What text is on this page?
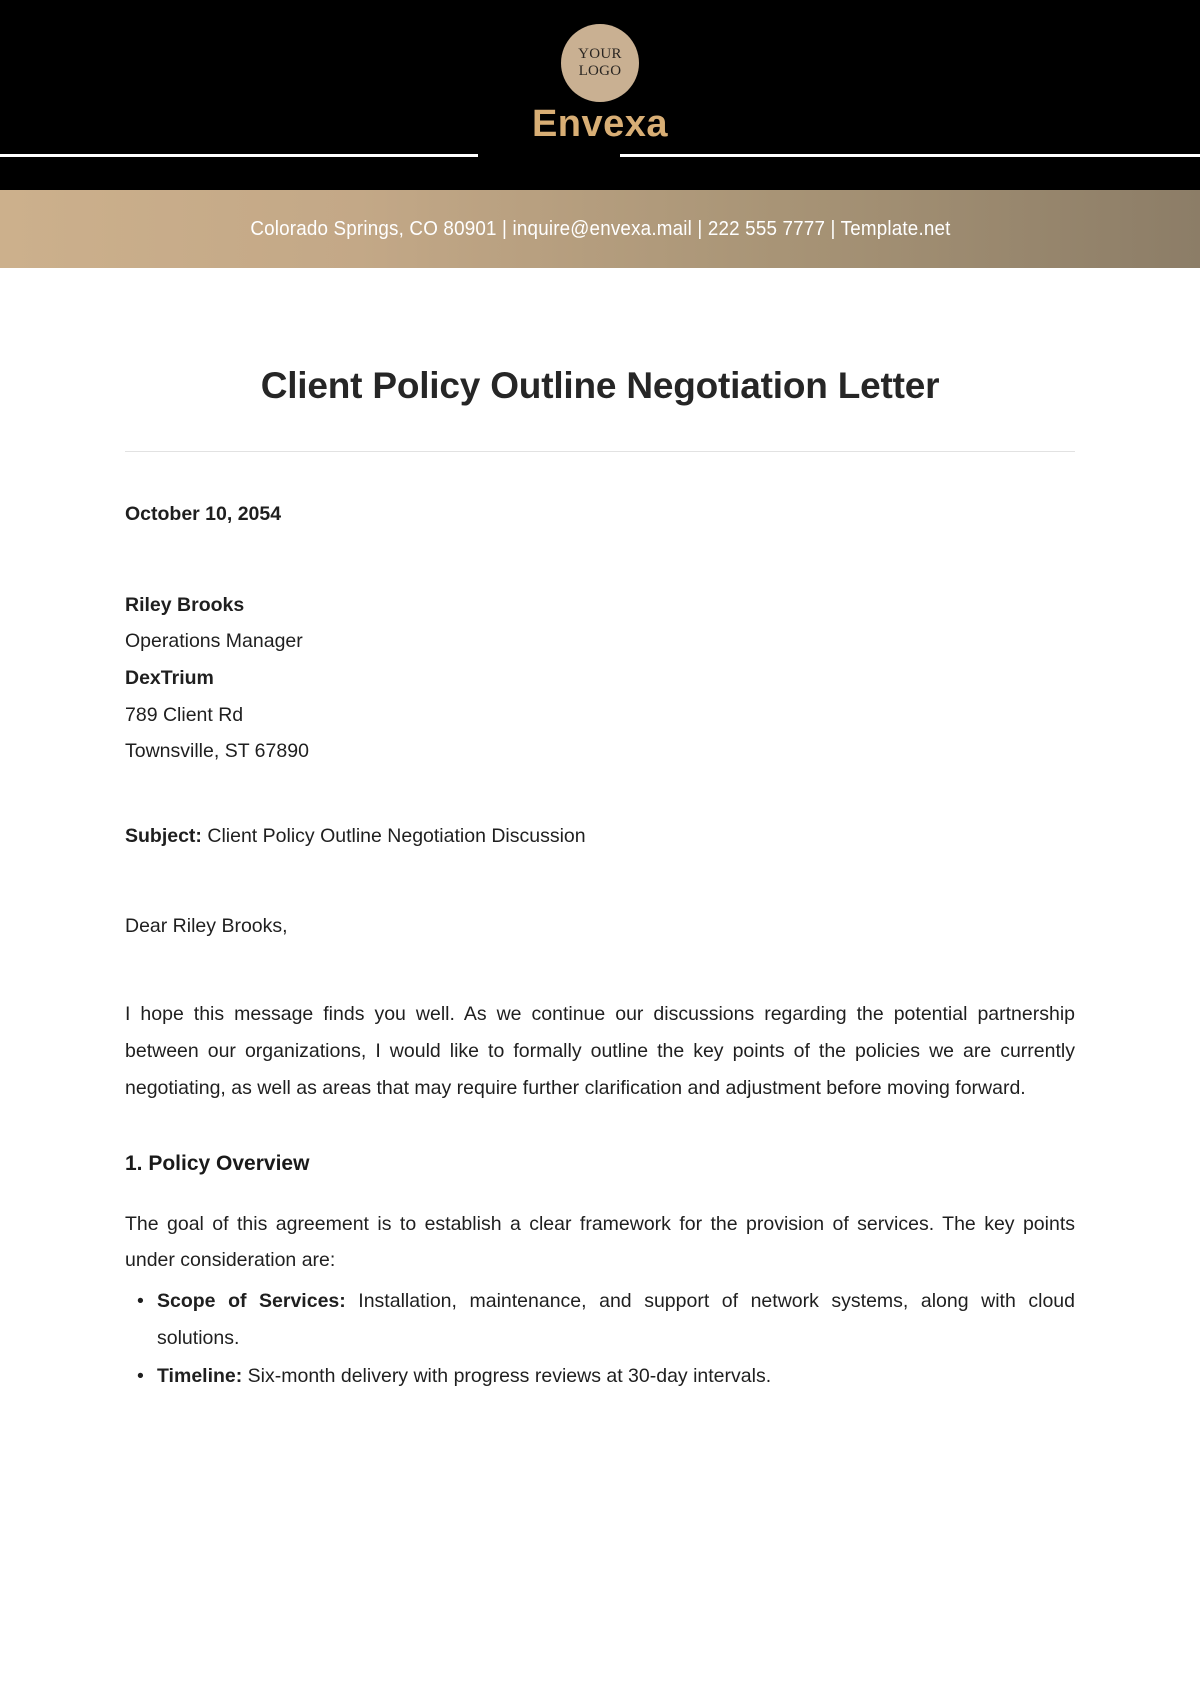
YOUR
LOGO
Envexa
Colorado Springs, CO 80901 | inquire@envexa.mail | 222 555 7777 | Template.net
Client Policy Outline Negotiation Letter
October 10, 2054
Riley Brooks
Operations Manager
DexTrium
789 Client Rd
Townsville, ST 67890
Subject: Client Policy Outline Negotiation Discussion
Dear Riley Brooks,
I hope this message finds you well. As we continue our discussions regarding the potential partnership between our organizations, I would like to formally outline the key points of the policies we are currently negotiating, as well as areas that may require further clarification and adjustment before moving forward.
1. Policy Overview
The goal of this agreement is to establish a clear framework for the provision of services. The key points under consideration are:
• Scope of Services: Installation, maintenance, and support of network systems, along with cloud solutions.
• Timeline: Six-month delivery with progress reviews at 30-day intervals.
